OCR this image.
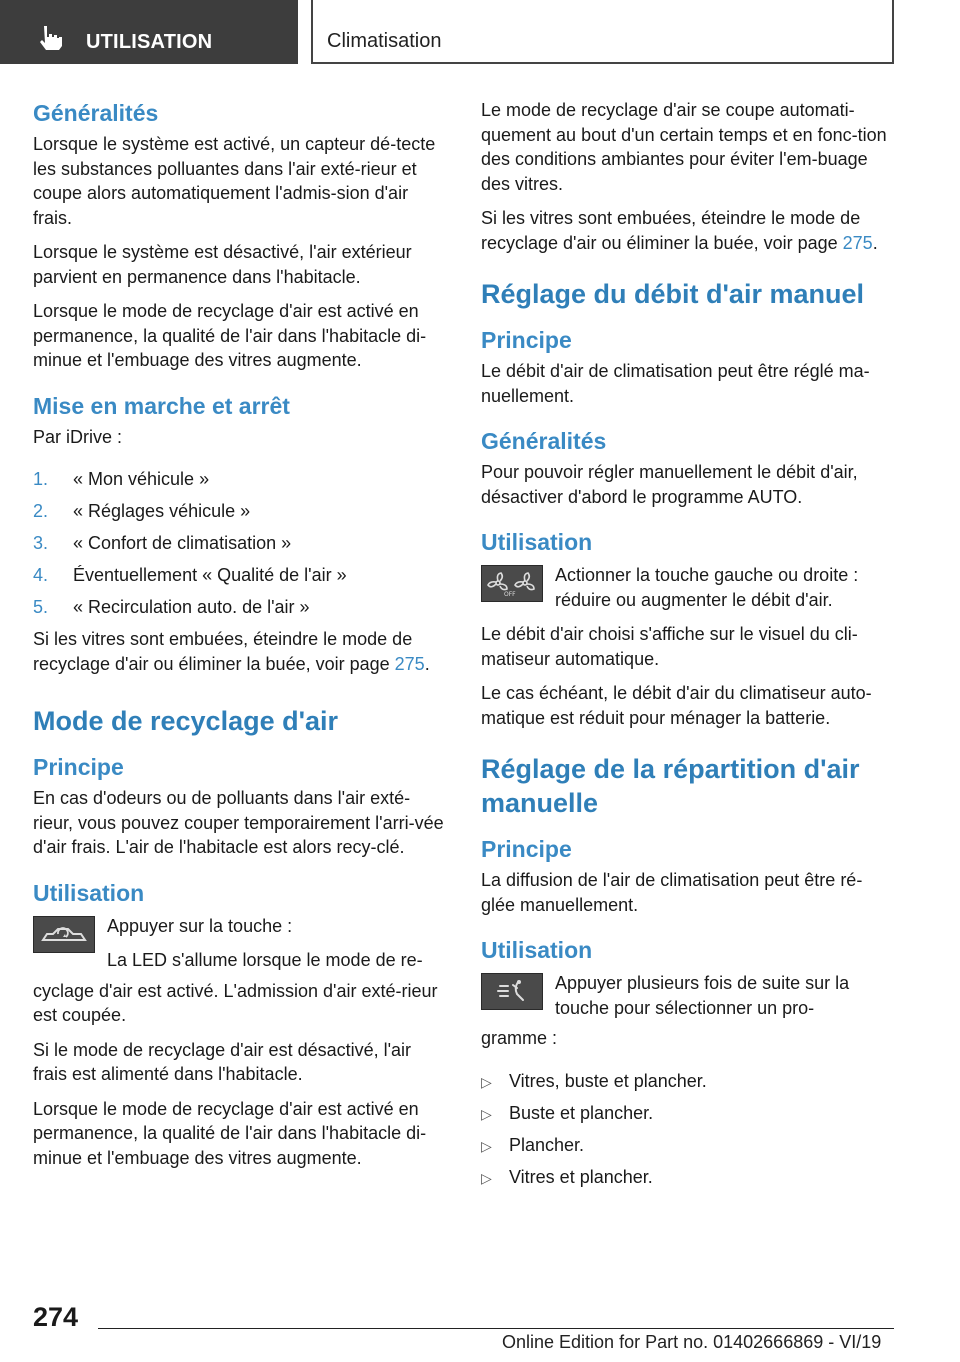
UTILISATION	Climatisation
Généralités

Lorsque le système est activé, un capteur dé‐tecte les substances polluantes dans l'air exté‐rieur et coupe alors automatiquement l'admis‐sion d'air frais.

Lorsque le système est désactivé, l'air extérieur parvient en permanence dans l'habitacle.

Lorsque le mode de recyclage d'air est activé en permanence, la qualité de l'air dans l'habitacle di‐minue et l'embuage des vitres augmente.

Mise en marche et arrêt

Par iDrive :

1. « Mon véhicule »
2. « Réglages véhicule »
3. « Confort de climatisation »
4. Éventuellement « Qualité de l'air »
5. « Recirculation auto. de l'air »

Si les vitres sont embuées, éteindre le mode de recyclage d'air ou éliminer la buée, voir page 275.

Mode de recyclage d'air
Principe

En cas d'odeurs ou de polluants dans l'air exté‐rieur, vous pouvez couper temporairement l'arri‐vée d'air frais. L'air de l'habitacle est alors recy‐clé.

Utilisation

Appuyer sur la touche :

La LED s'allume lorsque le mode de re‐

cyclage d'air est activé. L'admission d'air exté‐rieur est coupée.

Si le mode de recyclage d'air est désactivé, l'air frais est alimenté dans l'habitacle.

Lorsque le mode de recyclage d'air est activé en permanence, la qualité de l'air dans l'habitacle di‐minue et l'embuage des vitres augmente.

Le mode de recyclage d'air se coupe automati‐quement au bout d'un certain temps et en fonc‐tion des conditions ambiantes pour éviter l'em‐buage des vitres.

Si les vitres sont embuées, éteindre le mode de recyclage d'air ou éliminer la buée, voir page 275.

Réglage du débit d'air manuel
Principe

Le débit d'air de climatisation peut être réglé ma‐nuellement.

Généralités

Pour pouvoir régler manuellement le débit d'air, désactiver d'abord le programme AUTO.

Utilisation
OFF

Actionner la touche gauche ou droite : réduire ou augmenter le débit d'air.

Le débit d'air choisi s'affiche sur le visuel du cli‐matiseur automatique.

Le cas échéant, le débit d'air du climatiseur auto‐matique est réduit pour ménager la batterie.

Réglage de la répartition d'air manuelle
Principe

La diffusion de l'air de climatisation peut être ré‐glée manuellement.

Utilisation

Appuyer plusieurs fois de suite sur la touche pour sélectionner un pro‐

gramme :

▷ Vitres, buste et plancher.
▷ Buste et plancher.
▷ Plancher.
▷ Vitres et plancher.
274
Online Edition for Part no. 01402666869 - VI/19
